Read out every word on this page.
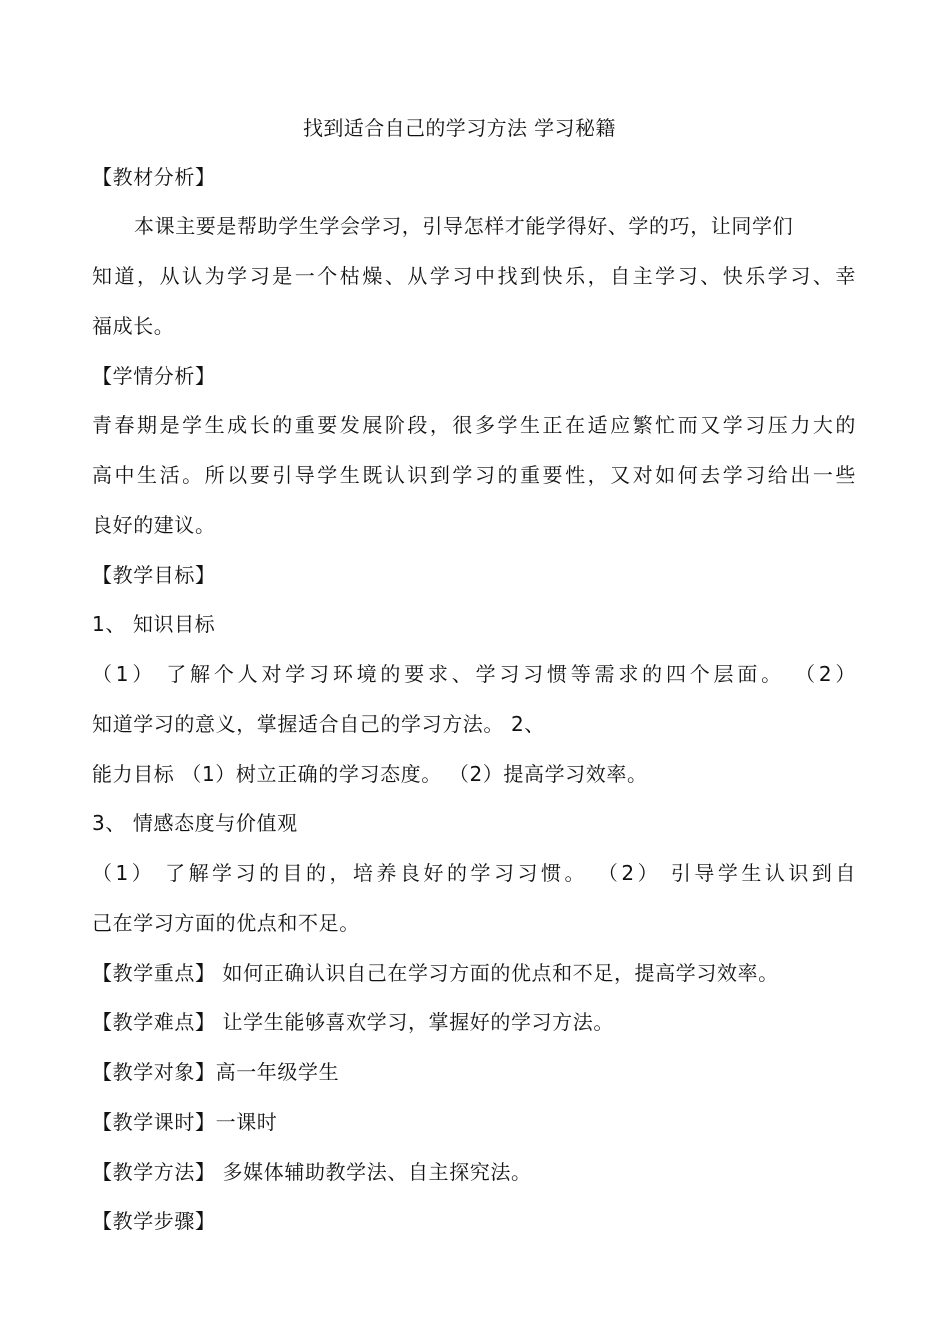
找到适合自己的学习方法 学习秘籍
【教材分析】
本课主要是帮助学生学会学习，引导怎样才能学得好、学的巧，让同学们
知道，从认为学习是一个枯燥、从学习中找到快乐，自主学习、快乐学习、幸
福成长。
【学情分析】
青春期是学生成长的重要发展阶段，很多学生正在适应繁忙而又学习压力大的
高中生活。所以要引导学生既认识到学习的重要性，又对如何去学习给出一些
良好的建议。
【教学目标】
1、 知识目标
（1） 了解个人对学习环境的要求、学习习惯等需求的四个层面。 （2）
知道学习的意义，掌握适合自己的学习方法。 2、
能力目标 （1）树立正确的学习态度。 （2）提高学习效率。
3、 情感态度与价值观
（1） 了解学习的目的，培养良好的学习习惯。 （2） 引导学生认识到自
己在学习方面的优点和不足。
【教学重点】 如何正确认识自己在学习方面的优点和不足，提高学习效率。
【教学难点】 让学生能够喜欢学习，掌握好的学习方法。
【教学对象】高一年级学生
【教学课时】一课时
【教学方法】 多媒体辅助教学法、自主探究法。
【教学步骤】
